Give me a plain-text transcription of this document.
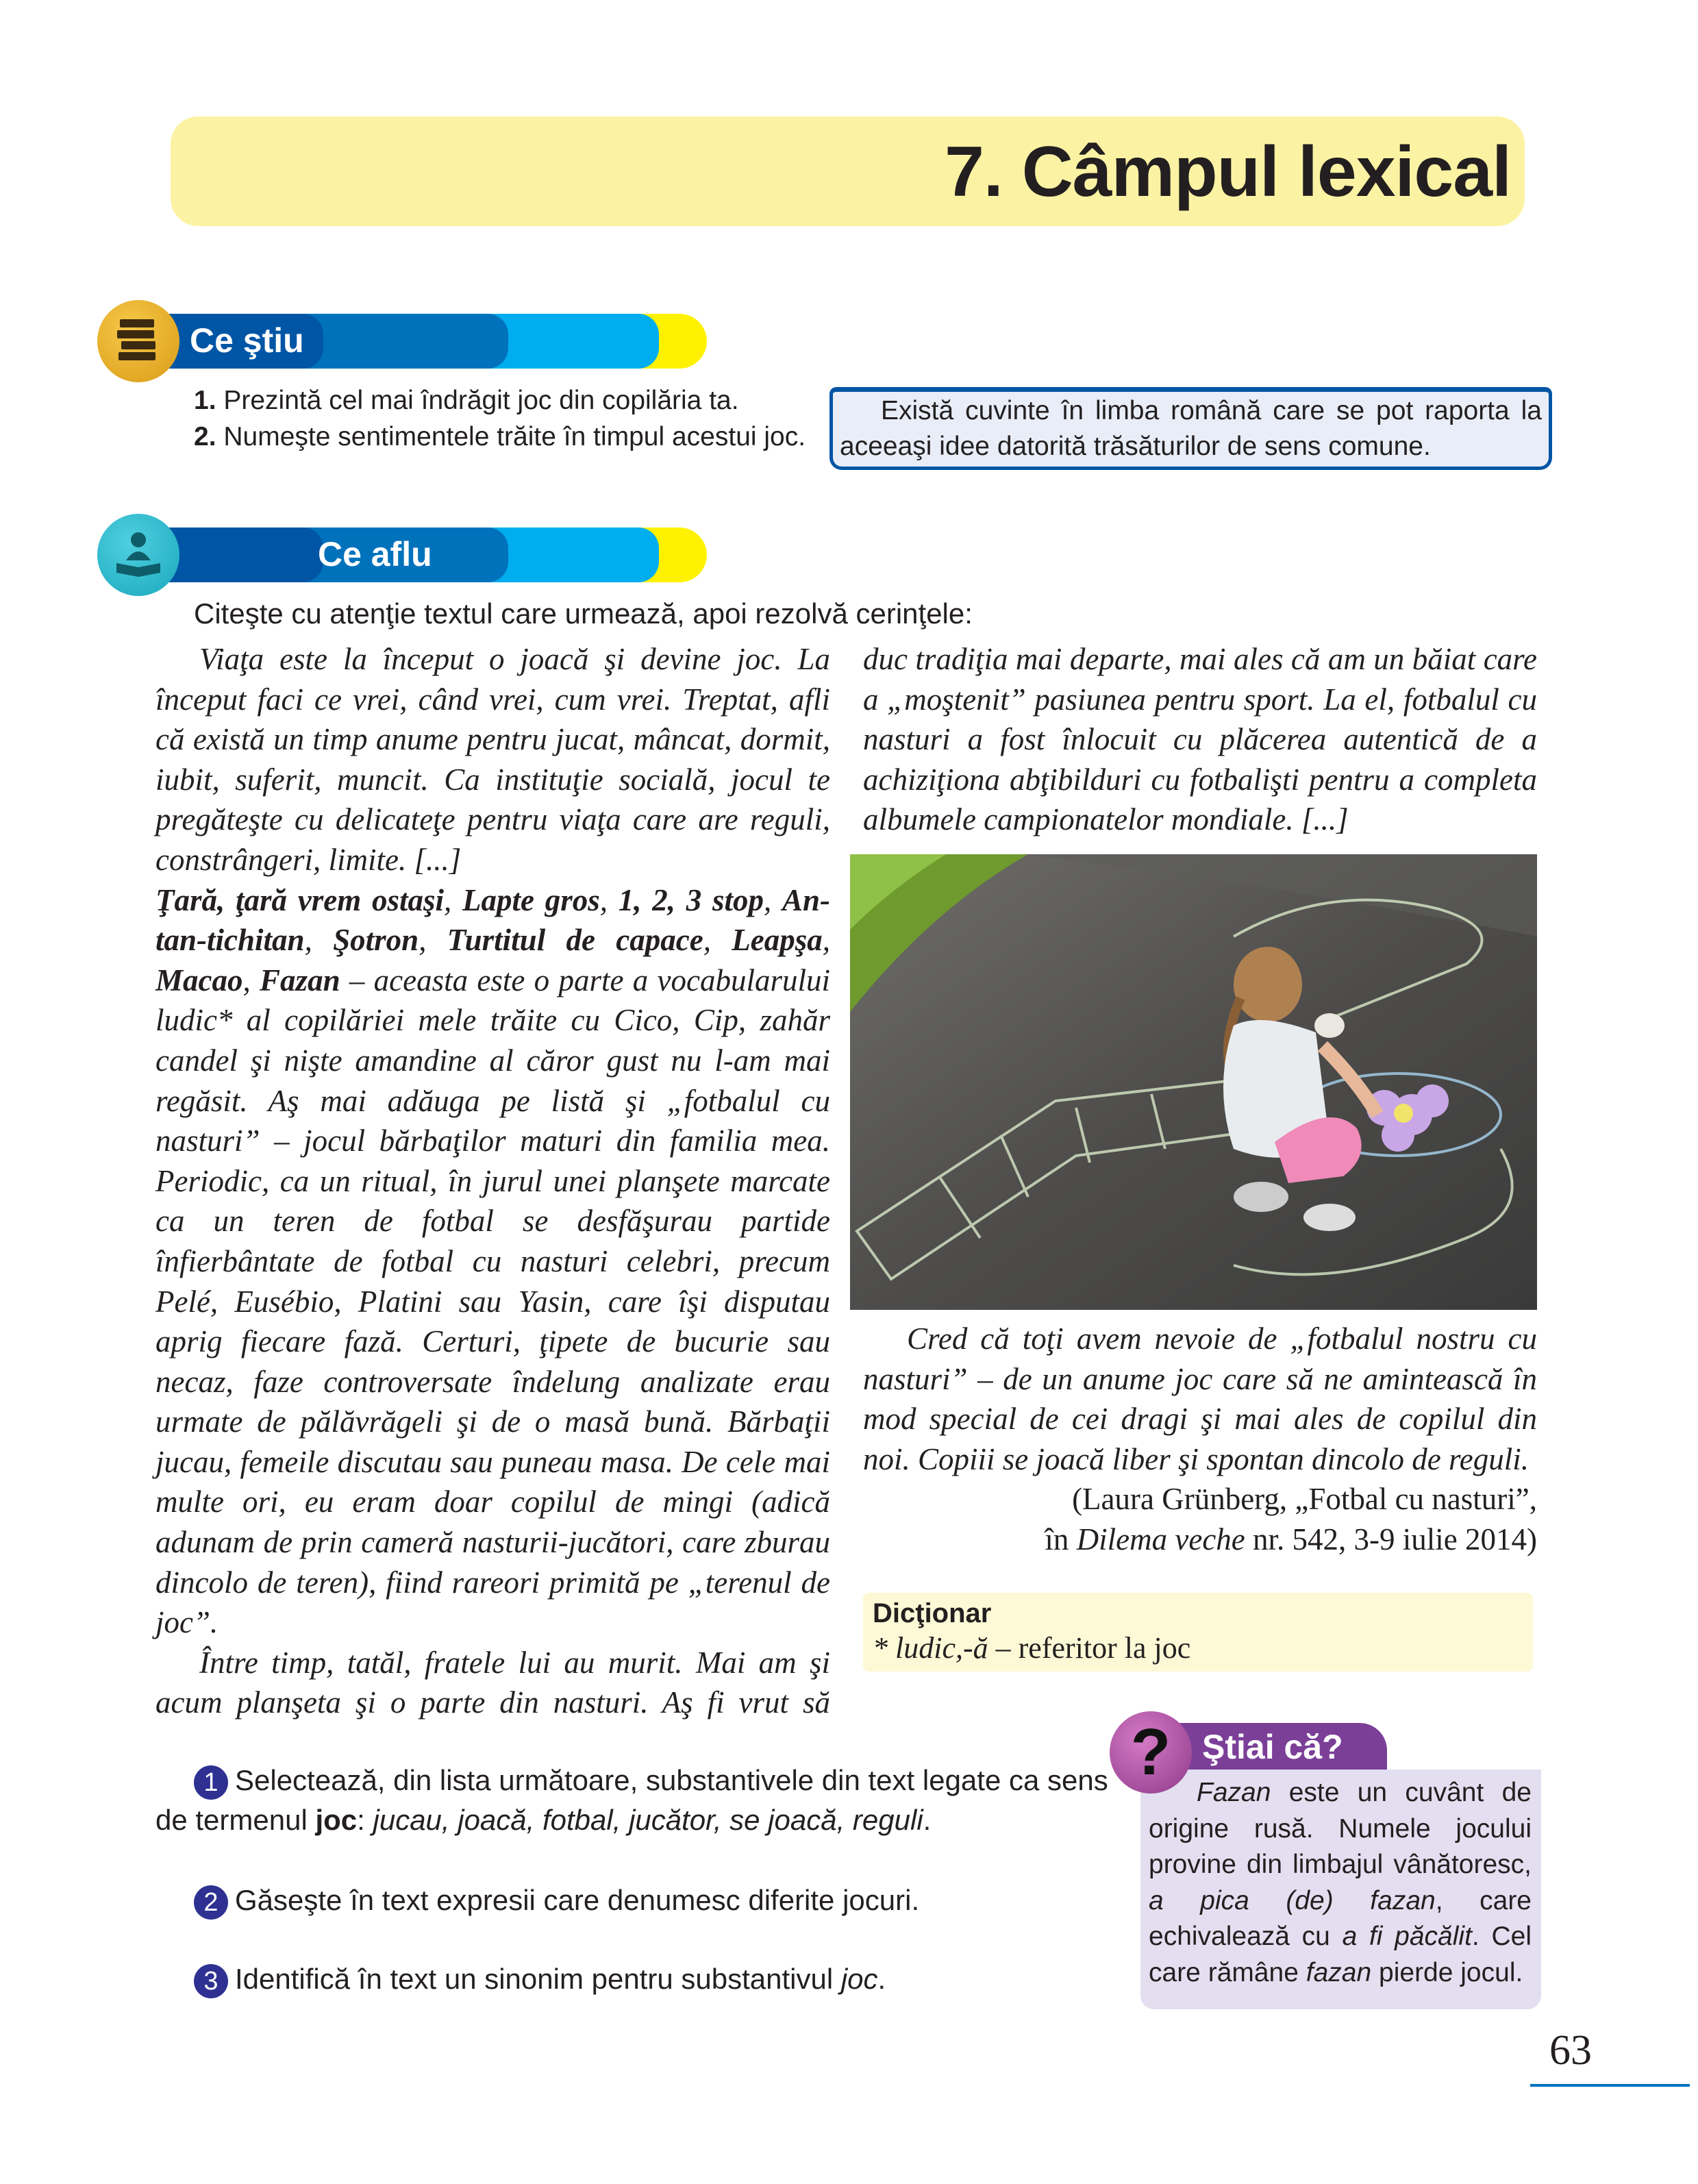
7. Câmpul lexical
Ce ştiu
1. Prezintă cel mai îndrăgit joc din copilăria ta.
2. Numeşte sentimentele trăite în timpul acestui joc.
Există cuvinte în limba română care se pot raporta la aceeaşi idee datorită trăsăturilor de sens comune.
Ce aflu
Citeşte cu atenţie textul care urmează, apoi rezolvă cerinţele:

Viaţa este la început o joacă şi devine joc. La început faci ce vrei, când vrei, cum vrei. Treptat, afli că există un timp anume pentru jucat, mâncat, dormit, iubit, suferit, muncit. Ca instituţie socială, jocul te pregăteşte cu delicateţe pentru viaţa care are reguli, constrângeri, limite. [...]

Ţară, ţară vrem ostaşi, Lapte gros, 1, 2, 3 stop, An-tan-tichitan, Şotron, Turtitul de capace, Leapşa, Macao, Fazan – aceasta este o parte a vocabularului ludic* al copilăriei mele trăite cu Cico, Cip, zahăr candel şi nişte amandine al căror gust nu l-am mai regăsit. Aş mai adăuga pe listă şi „fotbalul cu nasturi” – jocul bărbaţilor maturi din familia mea. Periodic, ca un ritual, în jurul unei planşete marcate ca un teren de fotbal se desfăşurau partide înfierbântate de fotbal cu nasturi celebri, precum Pelé, Eusébio, Platini sau Yasin, care îşi disputau aprig fiecare fază. Certuri, ţipete de bucurie sau necaz, faze controversate îndelung analizate erau urmate de pălăvrăgeli şi de o masă bună. Bărbaţii jucau, femeile discutau sau puneau masa. De cele mai multe ori, eu eram doar copilul de mingi (adică adunam de prin cameră nasturii-jucători, care zburau dincolo de teren), fiind rareori primită pe „terenul de joc”.

Între timp, tatăl, fratele lui au murit. Mai am şi acum planşeta şi o parte din nasturi. Aş fi vrut să

duc tradiţia mai departe, mai ales că am un băiat care a „moştenit” pasiunea pentru sport. La el, fotbalul cu nasturi a fost înlocuit cu plăcerea autentică de a achiziţiona abţibilduri cu fotbalişti pentru a completa albumele campionatelor mondiale. [...]

Cred că toţi avem nevoie de „fotbalul nostru cu nasturi” – de un anume joc care să ne amintească în mod special de cei dragi şi mai ales de copilul din noi. Copiii se joacă liber şi spontan dincolo de reguli.

(Laura Grünberg, „Fotbal cu nasturi”,
în Dilema veche nr. 542, 3-9 iulie 2014)
Dicţionar
* ludic,-ă – referitor la joc
1 Selectează, din lista următoare, substantivele din text legate ca sens de termenul joc: jucau, joacă, fotbal, jucător, se joacă, reguli.
2 Găseşte în text expresii care denumesc diferite jocuri.
3 Identifică în text un sinonim pentru substantivul joc.
Ştiai că?
Fazan este un cuvânt de origine rusă. Numele jocului provine din limbajul vânătoresc, a pica (de) fazan, care echivalează cu a fi păcălit. Cel care rămâne fazan pierde jocul.
?
63
